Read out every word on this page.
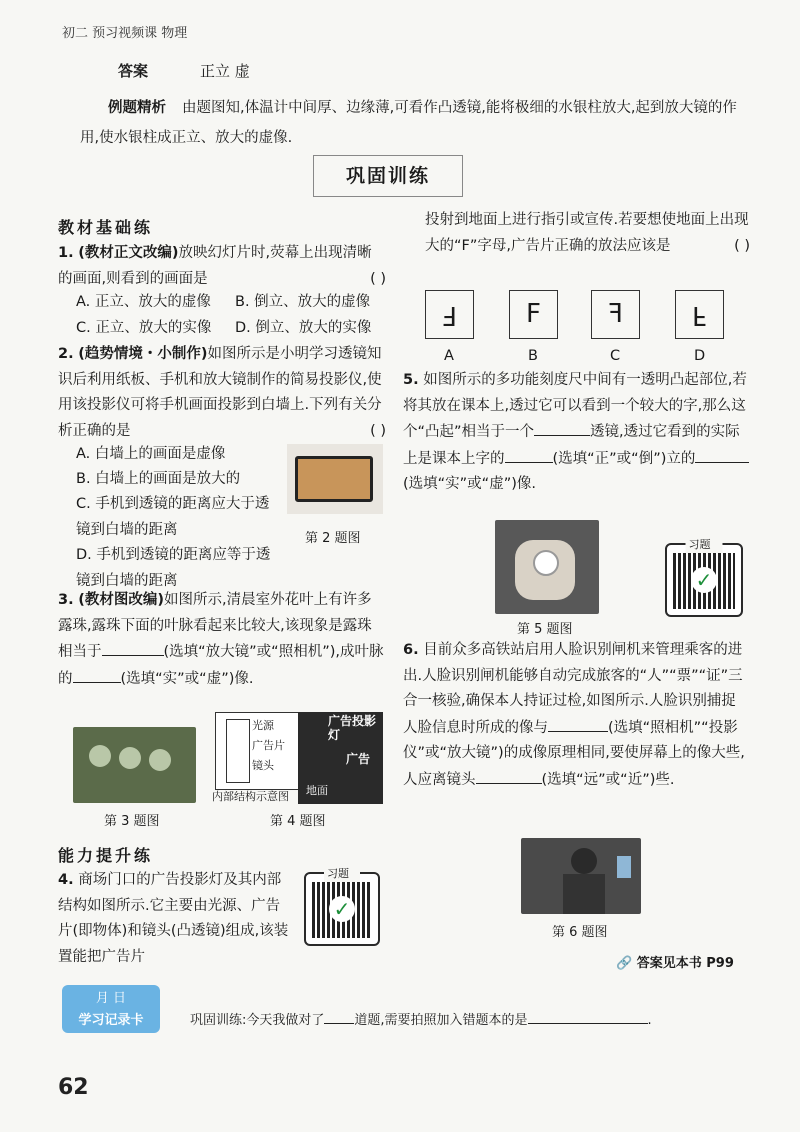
初二 预习视频课 物理
答案	正立 虚
例题精析 由题图知,体温计中间厚、边缘薄,可看作凸透镜,能将极细的水银柱放大,起到放大镜的作用,使水银柱成正立、放大的虚像.
巩固训练
教材基础练
1. (教材正文改编)放映幻灯片时,荧幕上出现清晰的画面,则看到的画面是	( )
A. 正立、放大的虚像 B. 倒立、放大的虚像
C. 正立、放大的实像 D. 倒立、放大的实像
2. (趋势情境・小制作)如图所示是小明学习透镜知识后利用纸板、手机和放大镜制作的简易投影仪,使用该投影仪可将手机画面投影到白墙上.下列有关分析正确的是	( )
A. 白墙上的画面是虚像
B. 白墙上的画面是放大的
C. 手机到透镜的距离应大于透镜到白墙的距离
D. 手机到透镜的距离应等于透镜到白墙的距离
第 2 题图
3. (教材图改编)如图所示,清晨室外花叶上有许多露珠,露珠下面的叶脉看起来比较大,该现象是露珠相当于	(选填“放大镜”或“照相机”),成叶脉的	(选填“实”或“虚”)像.
第 3 题图
光源
广告片
镜头
内部结构示意图
广告投影灯
广告
地面
第 4 题图
能力提升练
4. 商场门口的广告投影灯及其内部结构如图所示.它主要由光源、广告片(即物体)和镜头(凸透镜)组成,该装置能把广告片
习题
✓
投射到地面上进行指引或宣传.若要想使地面上出现大的“F”字母,广告片正确的放法应该是	( )
F	F	F	F
A	B	C	D
5. 如图所示的多功能刻度尺中间有一透明凸起部位,若将其放在课本上,透过它可以看到一个较大的字,那么这个“凸起”相当于一个	透镜,透过它看到的实际上是课本上字的	(选填“正”或“倒”)立的(选填“实”或“虚”)像.
第 5 题图
习题
✓
6. 目前众多高铁站启用人脸识别闸机来管理乘客的进出.人脸识别闸机能够自动完成旅客的“人”“票”“证”三合一核验,确保本人持证过检,如图所示.人脸识别捕捉人脸信息时所成的像与	(选填“照相机”“投影仪”或“放大镜”)的成像原理相同,要使屏幕上的像大些,人应离镜头	(选填“远”或“近”)些.
第 6 题图
🔗 答案见本书 P99
月 日
学习记录卡	巩固训练:今天我做对了 道题,需要拍照加入错题本的是	.
62
